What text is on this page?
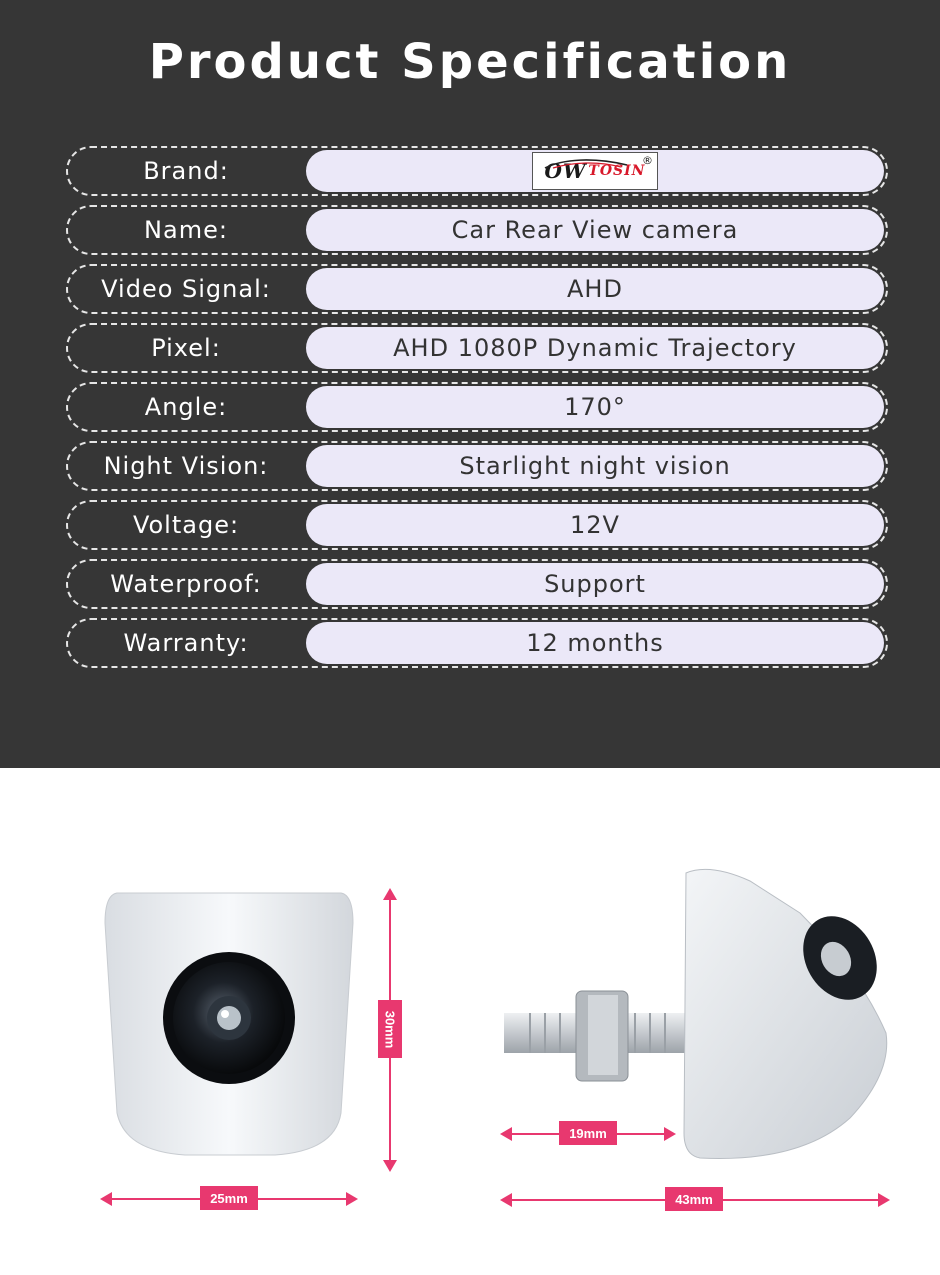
Product Specification
Brand:	OW TOSIN
®
Name:	Car Rear View camera
Video Signal:	AHD
Pixel:	AHD 1080P Dynamic Trajectory
Angle:	170°
Night Vision:	Starlight night vision
Voltage:	12V
Waterproof:	Support
Warranty:	12 months
25mm
30mm
19mm
43mm
